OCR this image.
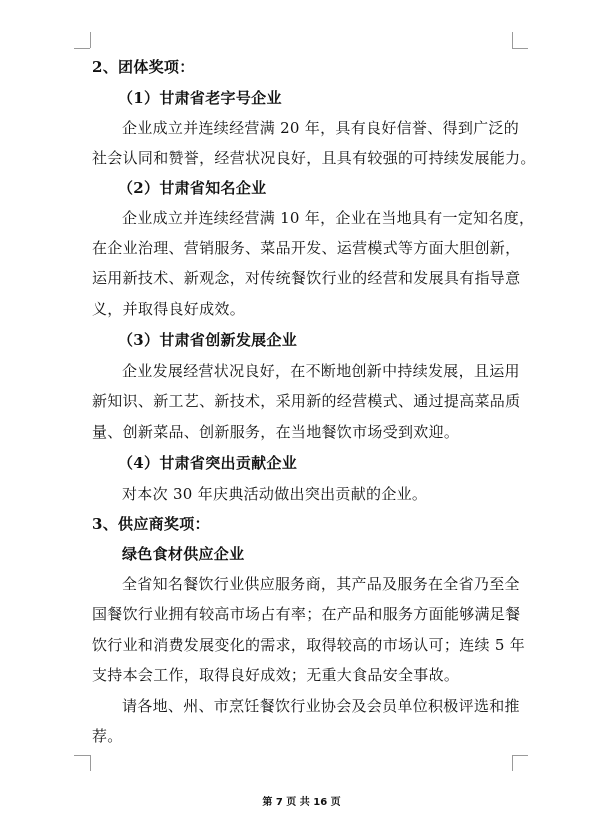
2、团体奖项：
（1）甘肃省老字号企业
企业成立并连续经营满 20 年，具有良好信誉、得到广泛的
社会认同和赞誉，经营状况良好，且具有较强的可持续发展能力。
（2）甘肃省知名企业
企业成立并连续经营满 10 年，企业在当地具有一定知名度，
在企业治理、营销服务、菜品开发、运营模式等方面大胆创新，
运用新技术、新观念，对传统餐饮行业的经营和发展具有指导意
义，并取得良好成效。
（3）甘肃省创新发展企业
企业发展经营状况良好，在不断地创新中持续发展，且运用
新知识、新工艺、新技术，采用新的经营模式、通过提高菜品质
量、创新菜品、创新服务，在当地餐饮市场受到欢迎。
（4）甘肃省突出贡献企业
对本次 30 年庆典活动做出突出贡献的企业。
3、供应商奖项：
绿色食材供应企业
全省知名餐饮行业供应服务商，其产品及服务在全省乃至全
国餐饮行业拥有较高市场占有率；在产品和服务方面能够满足餐
饮行业和消费发展变化的需求，取得较高的市场认可；连续 5 年
支持本会工作，取得良好成效；无重大食品安全事故。
请各地、州、市烹饪餐饮行业协会及会员单位积极评选和推
荐。
第 7 页 共 16 页
